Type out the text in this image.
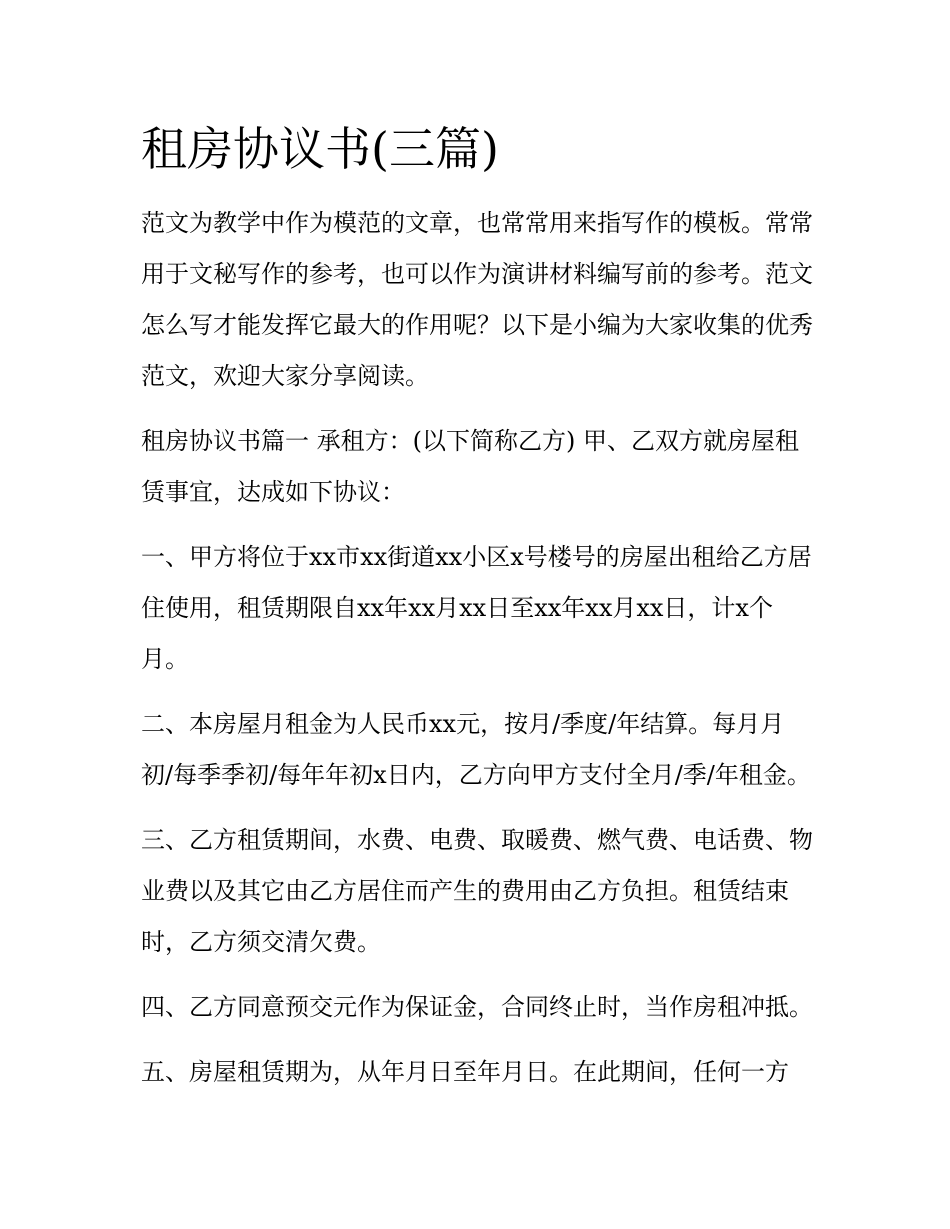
租房协议书(三篇)

范文为教学中作为模范的文章，也常常用来指写作的模板。常常用于文秘写作的参考，也可以作为演讲材料编写前的参考。范文怎么写才能发挥它最大的作用呢？以下是小编为大家收集的优秀范文，欢迎大家分享阅读。

租房协议书篇一 承租方：(以下简称乙方) 甲、乙双方就房屋租赁事宜，达成如下协议：

一、甲方将位于xx市xx街道xx小区x号楼号的房屋出租给乙方居住使用，租赁期限自xx年xx月xx日至xx年xx月xx日，计x个月。

二、本房屋月租金为人民币xx元，按月/季度/年结算。每月月初/每季季初/每年年初x日内，乙方向甲方支付全月/季/年租金。

三、乙方租赁期间，水费、电费、取暖费、燃气费、电话费、物业费以及其它由乙方居住而产生的费用由乙方负担。租赁结束时，乙方须交清欠费。

四、乙方同意预交元作为保证金，合同终止时，当作房租冲抵。

五、房屋租赁期为，从年月日至年月日。在此期间，任何一方
